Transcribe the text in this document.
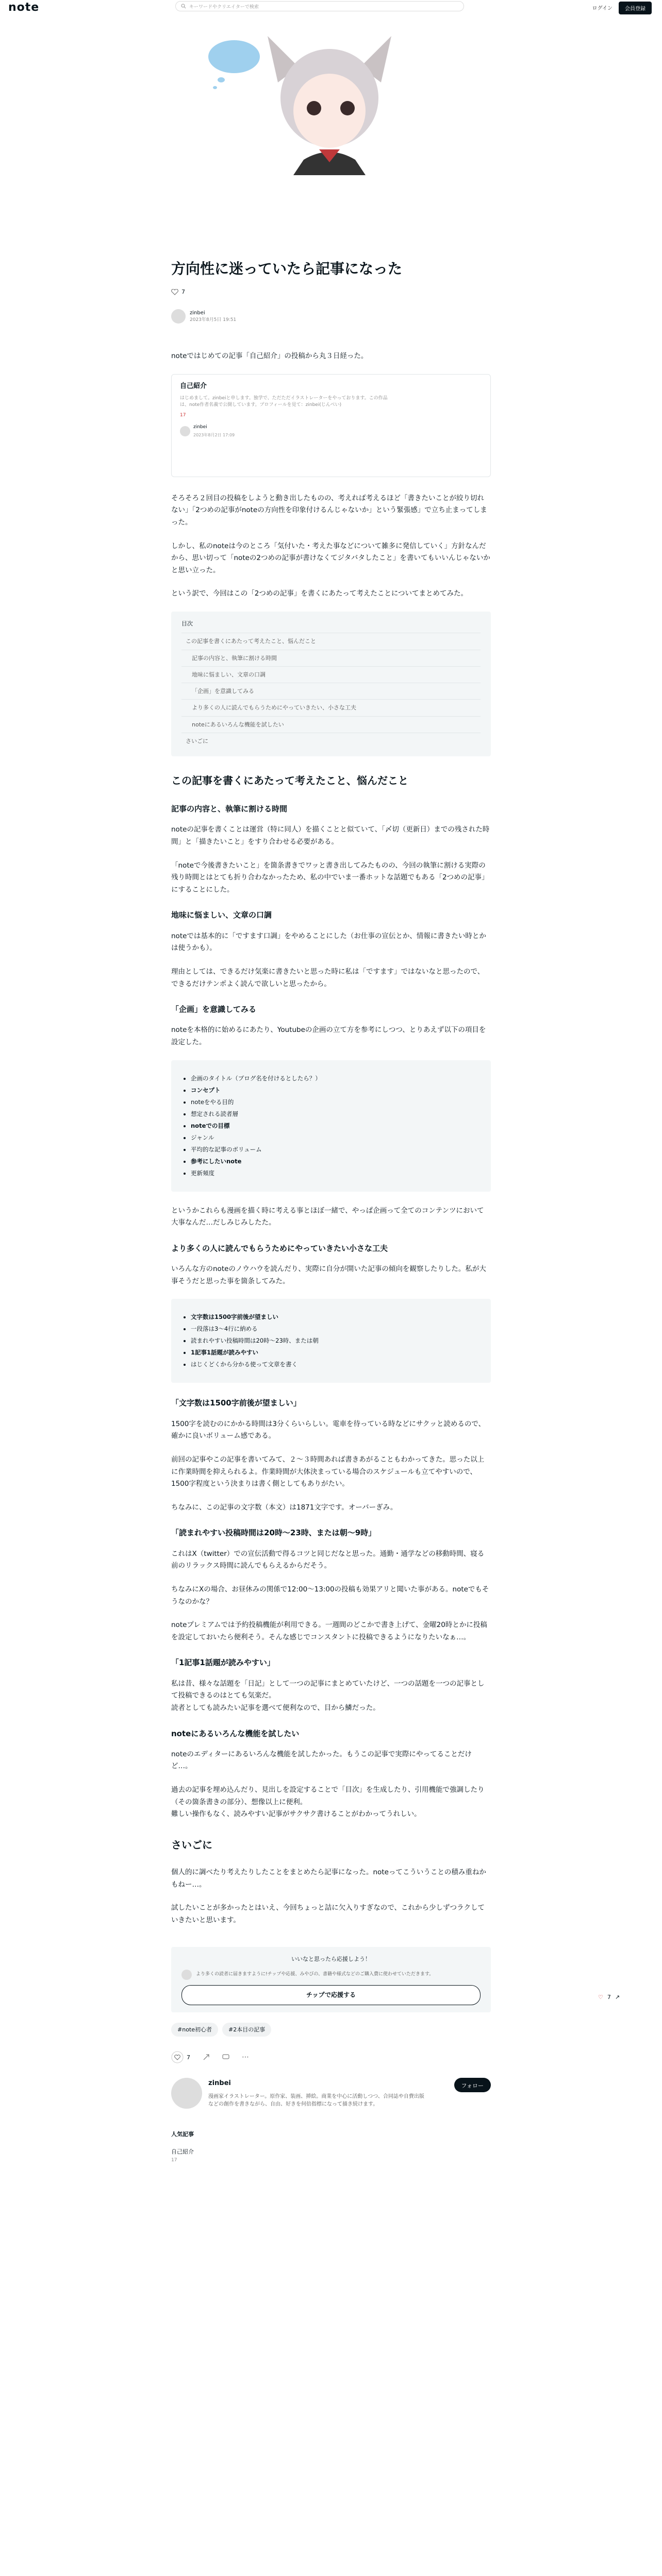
note	キーワードやクリエイターで検索	ログイン	会員登録
方向性に迷っていたら記事になった
7
zinbei
2023年8月5日 19:51

noteではじめての記事「自己紹介」の投稿から丸３日経った。

自己紹介
はじめまして。zinbeiと申します。独学で、ただただイラストレーターをやっております。この作品は、note作者名義で公開しています。プロフィールを見て：zinbei(じんべい)
17
zinbei
2023年8月2日 17:09

そろそろ２回目の投稿をしようと動き出したものの、考えれば考えるほど「書きたいことが絞り切れない」「2つめの記事がnoteの方向性を印象付けるんじゃないか」という緊張感」で立ち止まってしまった。

しかし、私のnoteは今のところ「気付いた・考えた事などについて雑多に発信していく」方針なんだから、思い切って「noteの2つめの記事が書けなくてジタバタしたこと」を書いてもいいんじゃないかと思い立った。

という訳で、今回はこの「2つめの記事」を書くにあたって考えたことについてまとめてみた。

目次
この記事を書くにあたって考えたこと、悩んだこと
記事の内容と、執筆に割ける時間
地味に悩ましい、文章の口調
「企画」を意識してみる
より多くの人に読んでもらうためにやっていきたい、小さな工夫
noteにあるいろんな機能を試したい
さいごに
この記事を書くにあたって考えたこと、悩んだこと
記事の内容と、執筆に割ける時間

noteの記事を書くことは運営（特に同人）を描くことと似ていて、「〆切（更新日）までの残された時間」と「描きたいこと」をすり合わせる必要がある。

「noteで今後書きたいこと」を箇条書きでワッと書き出してみたものの、今回の執筆に割ける実際の残り時間とはとても折り合わなかったため、私の中でいま一番ホットな話題でもある「2つめの記事」にすることにした。

地味に悩ましい、文章の口調

noteでは基本的に「ですます口調」をやめることにした（お仕事の宣伝とか、情報に書きたい時とかは使うかも）。

理由としては、できるだけ気楽に書きたいと思った時に私は「ですます」ではないなと思ったので、できるだけテンポよく読んで欲しいと思ったから。

「企画」を意識してみる

noteを本格的に始めるにあたり、Youtubeの企画の立て方を参考にしつつ、とりあえず以下の項目を設定した。

• 企画のタイトル（ブログ名を付けるとしたら？）
• コンセプト
• noteをやる目的
• 想定される読者層
• noteでの目標
• ジャンル
• 平均的な記事のボリューム
• 参考にしたいnote
• 更新頻度

というかこれらも漫画を描く時に考える事とほぼ一緒で、やっぱ企画って全てのコンテンツにおいて大事なんだ…だしみじみしたた。

より多くの人に読んでもらうためにやっていきたい小さな工夫

いろんな方のnoteのノウハウを読んだり、実際に自分が開いた記事の傾向を観察したりした。私が大事そうだと思った事を箇条してみた。

• 文字数は1500字前後が望ましい
• 一段落は3〜4行に納める
• 読まれやすい投稿時間は20時〜23時、または朝
• 1記事1話題が読みやすい
• はじくどくから分かる使って文章を書く
「文字数は1500字前後が望ましい」

1500字を読むのにかかる時間は3分くらいらしい。電車を待っている時などにサクッと読めるので、確かに良いボリューム感である。

前回の記事やこの記事を書いてみて、２〜３時間あれば書きあがることもわかってきた。思った以上に作業時間を抑えられるよ。作業時間が大体決まっている場合のスケジュールも立てやすいので、1500字程度という決まりは書く側としてもありがたい。

ちなみに、この記事の文字数（本文）は1871文字です。オーバーぎみ。

「読まれやすい投稿時間は20時〜23時、または朝〜9時」

これはX（twitter）での宣伝活動で得るコツと同じだなと思った。通勤・通学などの移動時間、寝る前のリラックス時間に読んでもらえるからだそう。

ちなみにXの場合、お昼休みの関係で12:00〜13:00の投稿も効果アリと聞いた事がある。noteでもそうなのかな？

noteプレミアムでは予約投稿機能が利用できる。一週間のどこかで書き上げて、金曜20時とかに投稿を設定しておいたら便利そう。そんな感じでコンスタントに投稿できるようになりたいなぁ…。

「1記事1話題が読みやすい」

私は昔、様々な話題を「日記」として一つの記事にまとめていたけど、一つの話題を一つの記事として投稿できるのはとても気楽だ。
読者としても読みたい記事を選べて便利なので、目から鱗だった。

noteにあるいろんな機能を試したい

noteのエディターにあるいろんな機能を試したかった。もうこの記事で実際にやってることだけど…。

過去の記事を埋め込んだり、見出しを設定することで「目次」を生成したり、引用機能で強調したり（その箇条書きの部分）、想像以上に便利。
難しい操作もなく、読みやすい記事がサクサク書けることがわかってうれしい。

さいごに

個人的に調べたり考えたりしたことをまとめたら記事になった。noteってこういうことの積み重ねかもねー…。

試したいことが多かったとはいえ、今回ちょっと詰に欠入りすぎなので、これから少しずつラクしていきたいと思います。

いいなと思ったら応援しよう！
より多くの読者に届きますように!チップや応援、みやびの、書籍や様式などのご購入費に使わせていただきます。
チップで応援する
#note初心者	#2本目の記事
7	⋯
zinbei
漫画家イラストレーター。原作家、装画、挿絵。商業を中心に活動しつつ、合同誌や自費出版などの創作を書きながら、自由、好きを何倍指標になって描き続けます。
フォロー
人気記事
自己紹介
17
♡ 7 ↗
